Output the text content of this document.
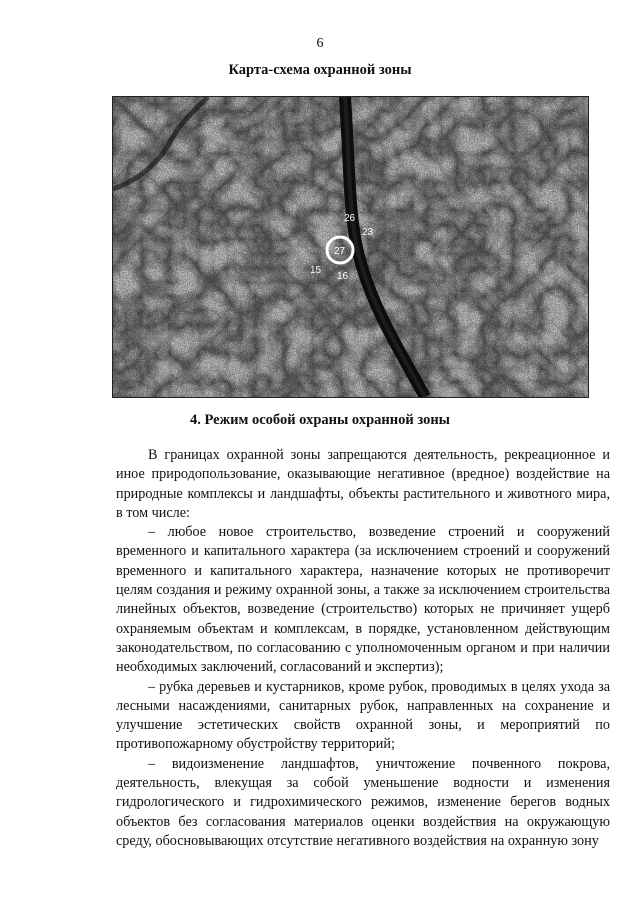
6
Карта-схема охранной зоны
27
26
23
15
16
4. Режим особой охраны охранной зоны

В границах охранной зоны запрещаются деятельность, рекреационное и иное природопользование, оказывающие негативное (вредное) воздействие на природные комплексы и ландшафты, объекты растительного и животного мира, в том числе:

– любое новое строительство, возведение строений и сооружений временного и капитального характера (за исключением строений и сооружений временного и капитального характера, назначение которых не противоречит целям создания и режиму охранной зоны, а также за исключением строительства линейных объектов, возведение (строительство) которых не причиняет ущерб охраняемым объектам и комплексам, в порядке, установленном действующим законодательством, по согласованию с уполномоченным органом и при наличии необходимых заключений, согласований и экспертиз);

– рубка деревьев и кустарников, кроме рубок, проводимых в целях ухода за лесными насаждениями, санитарных рубок, направленных на сохранение и улучшение эстетических свойств охранной зоны, и мероприятий по противопожарному обустройству территорий;

– видоизменение ландшафтов, уничтожение почвенного покрова, деятельность, влекущая за собой уменьшение водности и изменения гидрологического и гидрохимического режимов, изменение берегов водных объектов без согласования материалов оценки воздействия на окружающую среду, обосновывающих отсутствие негативного воздействия на охранную зону
